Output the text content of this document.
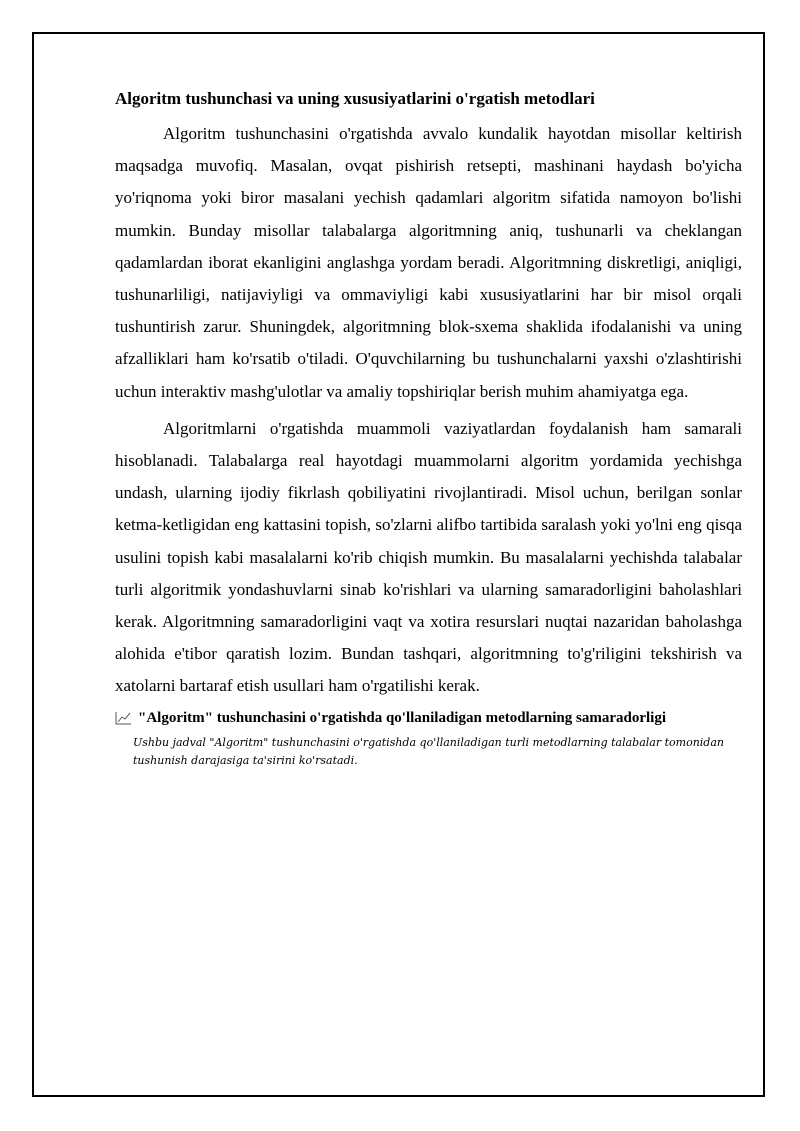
Algoritm tushunchasi va uning xususiyatlarini o'rgatish metodlari

Algoritm tushunchasini o'rgatishda avvalo kundalik hayotdan misollar keltirish maqsadga muvofiq. Masalan, ovqat pishirish retsepti, mashinani haydash bo'yicha yo'riqnoma yoki biror masalani yechish qadamlari algoritm sifatida namoyon bo'lishi mumkin. Bunday misollar talabalarga algoritmning aniq, tushunarli va cheklangan qadamlardan iborat ekanligini anglashga yordam beradi. Algoritmning diskretligi, aniqligi, tushunarliligi, natijaviyligi va ommaviyligi kabi xususiyatlarini har bir misol orqali tushuntirish zarur. Shuningdek, algoritmning blok-sxema shaklida ifodalanishi va uning afzalliklari ham ko'rsatib o'tiladi. O'quvchilarning bu tushunchalarni yaxshi o'zlashtirishi uchun interaktiv mashg'ulotlar va amaliy topshiriqlar berish muhim ahamiyatga ega.

Algoritmlarni o'rgatishda muammoli vaziyatlardan foydalanish ham samarali hisoblanadi. Talabalarga real hayotdagi muammolarni algoritm yordamida yechishga undash, ularning ijodiy fikrlash qobiliyatini rivojlantiradi. Misol uchun, berilgan sonlar ketma-ketligidan eng kattasini topish, so'zlarni alifbo tartibida saralash yoki yo'lni eng qisqa usulini topish kabi masalalarni ko'rib chiqish mumkin. Bu masalalarni yechishda talabalar turli algoritmik yondashuvlarni sinab ko'rishlari va ularning samaradorligini baholashlari kerak. Algoritmning samaradorligini vaqt va xotira resurslari nuqtai nazaridan baholashga alohida e'tibor qaratish lozim. Bundan tashqari, algoritmning to'g'riligini tekshirish va xatolarni bartaraf etish usullari ham o'rgatilishi kerak.

"Algoritm" tushunchasini o'rgatishda qo'llaniladigan metodlarning samaradorligi
Ushbu jadval "Algoritm" tushunchasini o'rgatishda qo'llaniladigan turli metodlarning talabalar tomonidan tushunish darajasiga ta'sirini ko'rsatadi.
